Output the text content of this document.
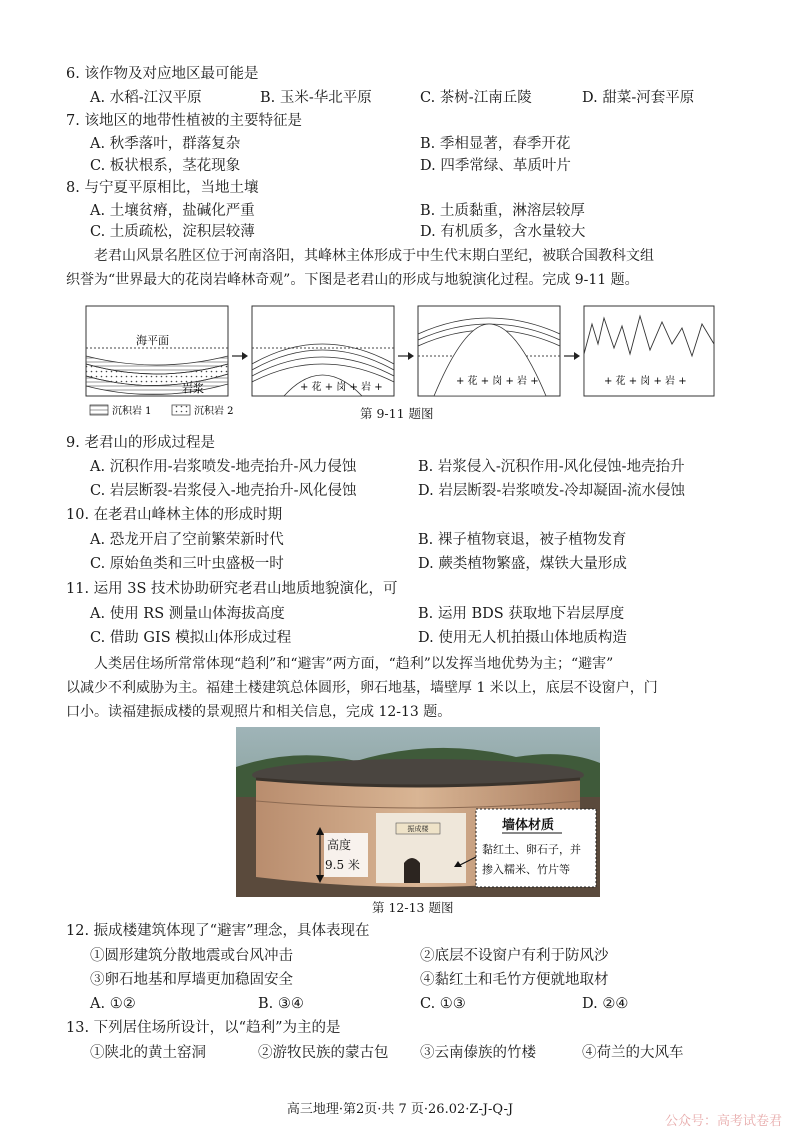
6. 该作物及对应地区最可能是
A. 水稻-江汉平原	B. 玉米-华北平原	C. 茶树-江南丘陵	D. 甜菜-河套平原
7. 该地区的地带性植被的主要特征是
A. 秋季落叶，群落复杂	B. 季相显著，春季开花
C. 板状根系，茎花现象	D. 四季常绿、革质叶片
8. 与宁夏平原相比，当地土壤
A. 土壤贫瘠，盐碱化严重	B. 土质黏重，淋溶层较厚
C. 土质疏松，淀积层较薄	D. 有机质多，含水量较大
老君山风景名胜区位于河南洛阳，其峰林主体形成于中生代末期白垩纪，被联合国教科文组
织誉为“世界最大的花岗岩峰林奇观”。下图是老君山的形成与地貌演化过程。完成 9-11 题。
海平面
岩浆	+ 花 + 岗 + 岩 +
+ 花 + 岗 + 岩 +	+ 花 + 岗 + 岩 +
沉积岩 1	沉积岩 2	第 9-11 题图
9. 老君山的形成过程是
A. 沉积作用-岩浆喷发-地壳抬升-风力侵蚀	B. 岩浆侵入-沉积作用-风化侵蚀-地壳抬升
C. 岩层断裂-岩浆侵入-地壳抬升-风化侵蚀	D. 岩层断裂-岩浆喷发-冷却凝固-流水侵蚀
10. 在老君山峰林主体的形成时期
A. 恐龙开启了空前繁荣新时代	B. 裸子植物衰退，被子植物发育
C. 原始鱼类和三叶虫盛极一时	D. 蕨类植物繁盛，煤铁大量形成
11. 运用 3S 技术协助研究老君山地质地貌演化，可
A. 使用 RS 测量山体海拔高度	B. 运用 BDS 获取地下岩层厚度
C. 借助 GIS 模拟山体形成过程	D. 使用无人机拍摄山体地质构造
人类居住场所常常体现“趋利”和“避害”两方面，“趋利”以发挥当地优势为主；“避害”
以减少不利威胁为主。福建土楼建筑总体圆形，卵石地基，墙壁厚 1 米以上，底层不设窗户，门
口小。读福建振成楼的景观照片和相关信息，完成 12-13 题。
振成楼
高度
9.5 米
墙体材质
黏红土、卵石子，并
掺入糯米、竹片等
第 12-13 题图
12. 振成楼建筑体现了“避害”理念，具体表现在
①圆形建筑分散地震或台风冲击	②底层不设窗户有利于防风沙
③卵石地基和厚墙更加稳固安全	④黏红土和毛竹方便就地取材
A. ①②	B. ③④	C. ①③	D. ②④
13. 下列居住场所设计，以“趋利”为主的是
①陕北的黄土窑洞	②游牧民族的蒙古包 ③云南傣族的竹楼	④荷兰的大风车
高三地理·第2页·共 7 页·26.02·Z-J-Q-J
公众号：高考试卷君
